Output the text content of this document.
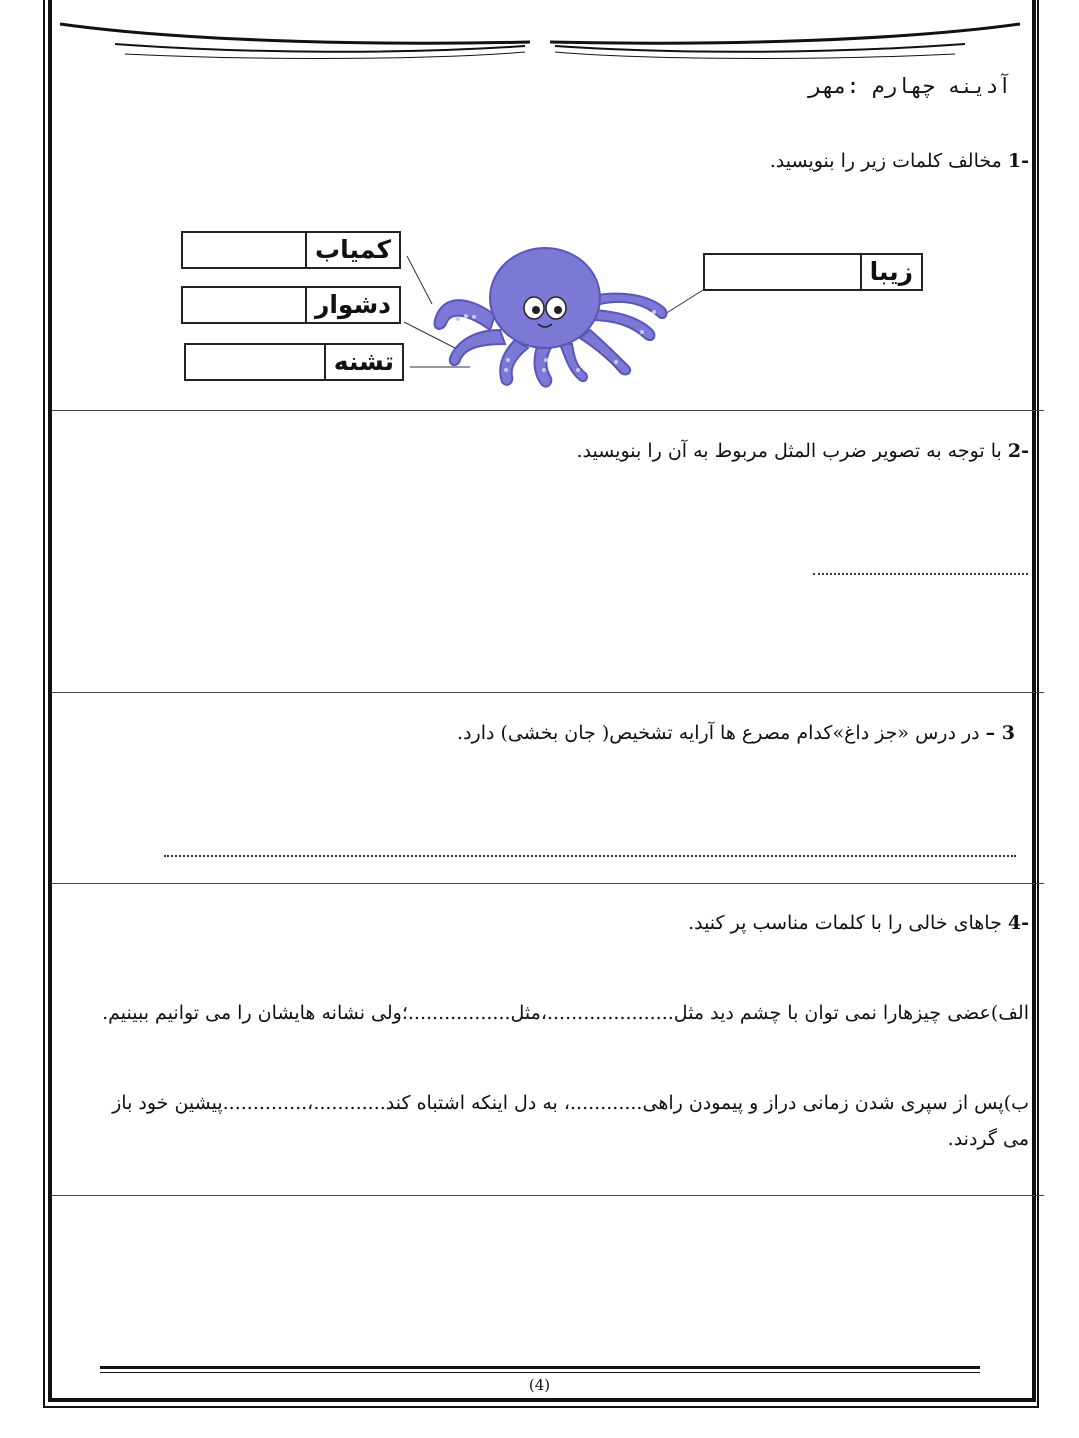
آدینه چهارم :مهر
-1 مخالف کلمات زیر را بنویسید.
زیبا
کمیاب
دشوار
تشنه
-2 با توجه به تصویر ضرب المثل مربوط به آن را بنویسید.
3 – در درس «جز داغ»کدام مصرع ها آرایه تشخیص( جان بخشی) دارد.
-4 جاهای خالی را با کلمات مناسب پر کنید.
الف)عضی چیزهارا نمی توان با چشم دید مثل.....................،مثل.................؛ولی نشانه هایشان را می توانیم ببینیم.
ب)پس از سپری شدن زمانی دراز و پیمودن راهی............، به دل اینکه اشتباه کند............،..............پیشین خود باز
می گردند.
(4)
